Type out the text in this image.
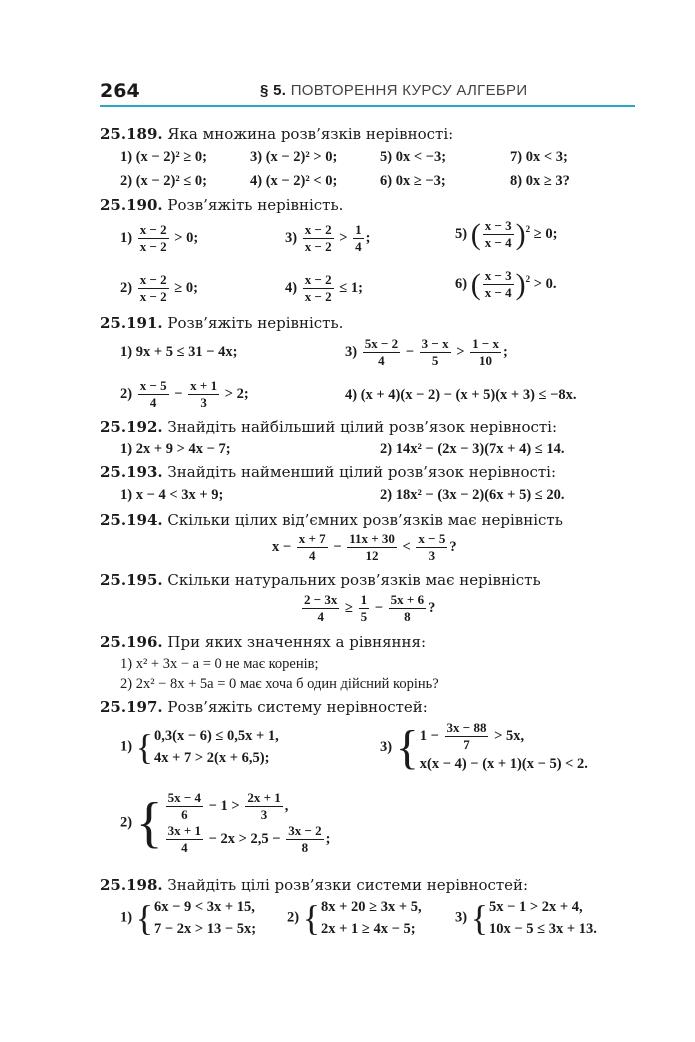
264	§ 5. ПОВТОРЕННЯ КУРСУ АЛГЕБРИ
25.189. Яка множина розв’язків нерівності:
1) (x − 2)² ≥ 0;	3) (x − 2)² > 0;	5) 0x < −3;	7) 0x < 3;
2) (x − 2)² ≤ 0;	4) (x − 2)² < 0;	6) 0x ≥ −3;	8) 0x ≥ 3?
25.190. Розв’яжіть нерівність.
$1) \frac{x - 2}{x - 2} > 0$;	$3) \frac{x - 2}{x - 2} > \frac{1}{4}$ ;	5) ( $\frac{x - 3}{x - 4} )^2 \ge 0$;
$2) \frac{x - 2}{x - 2} \ge 0$;	$4) \frac{x - 2}{x - 2} \le 1$;	6) ( $\frac{x - 3}{x - 4} )^2 > 0$.
25.191. Розв’яжіть нерівність.
1) 9x + 5 ≤ 31 − 4x;	$3) \frac{5x - 2}{4} - \frac{3 - x}{5} > \frac{1 - x}{10}$ ;
$2) \frac{x - 5}{4} - \frac{x + 1}{3} > 2$;	4) (x + 4)(x − 2) − (x + 5)(x + 3) ≤ −8x.
25.192. Знайдіть найбільший цілий розв’язок нерівності:
1) 2x + 9 > 4x − 7;	2) 14x² − (2x − 3)(7x + 4) ≤ 14.
25.193. Знайдіть найменший цілий розв’язок нерівності:
1) x − 4 < 3x + 9;	2) 18x² − (3x − 2)(6x + 5) ≤ 20.
25.194. Скільки цілих від’ємних розв’язків має нерівність
$x - \frac{x + 7}{4} - \frac{11x + 30}{12} < \frac{x - 5}{3}$ ?
25.195. Скільки натуральних розв’язків має нерівність
$\frac{2 - 3x}{4} \ge \frac{1}{5} - \frac{5x + 6}{8}$ ?
25.196. При яких значеннях a рівняння:
1) x² + 3x − a = 0 не має коренів;
2) 2x² − 8x + 5a = 0 має хоча б один дійсний корінь?
25.197. Розв’яжіть систему нерівностей:
1) { 0,3(x − 6) ≤ 0,5x + 1,
4x + 7 > 2(x + 6,5);
3) { $1 - \frac{3x - 88}{7} > 5x$,
x(x − 4) − (x + 1)(x − 5) < 2.
2) { $\frac{5x - 4}{6} - 1 > \frac{2x + 1}{3}$ ,
$\frac{3x + 1}{4} - 2x > 2,5 - \frac{3x - 2}{8}$ ;
25.198. Знайдіть цілі розв’язки системи нерівностей:
1) { 6x − 9 < 3x + 15,
7 − 2x > 13 − 5x;
2) { 8x + 20 ≥ 3x + 5,
2x + 1 ≥ 4x − 5;
3) { 5x − 1 > 2x + 4,
10x − 5 ≤ 3x + 13.
